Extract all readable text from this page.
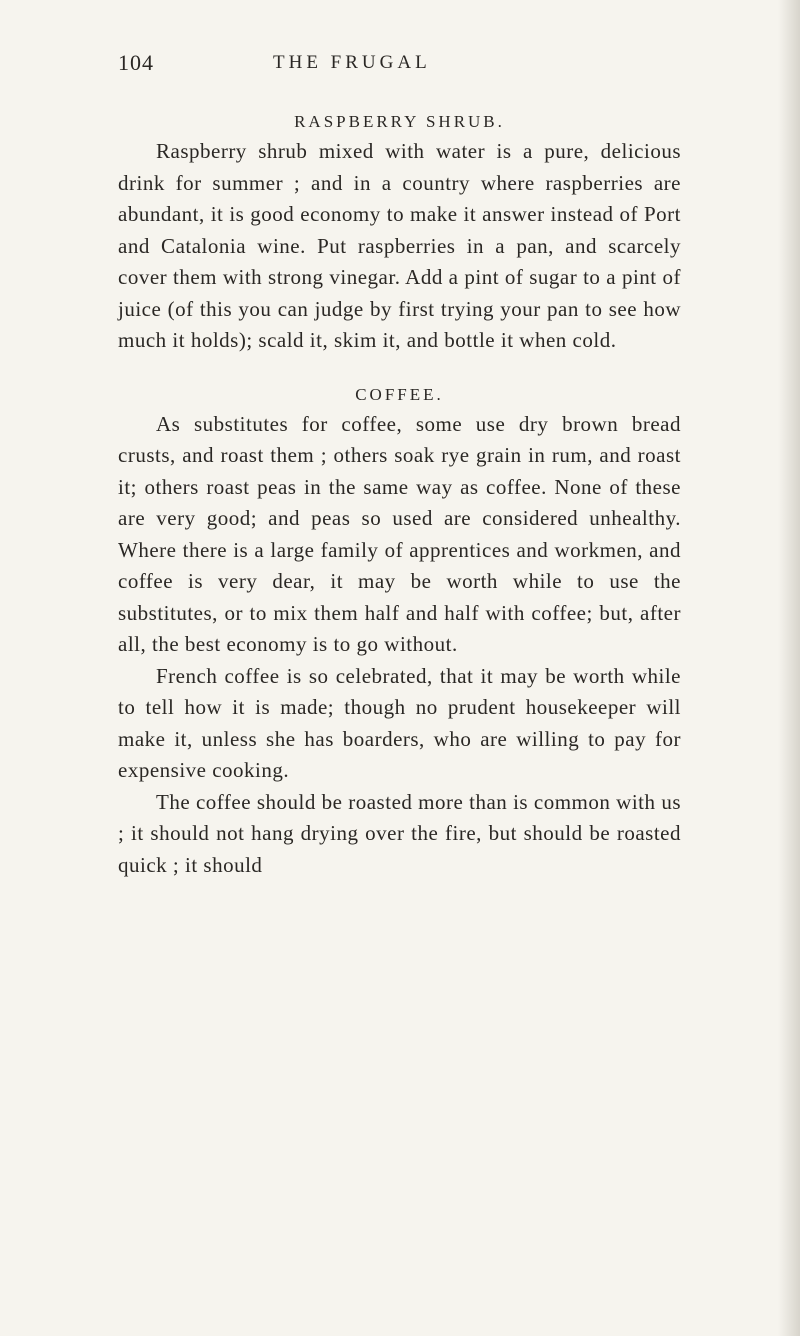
104	THE FRUGAL
RASPBERRY SHRUB.

Raspberry shrub mixed with water is a pure, delicious drink for summer ; and in a country where raspberries are abundant, it is good economy to make it answer instead of Port and Catalonia wine. Put raspberries in a pan, and scarcely cover them with strong vinegar. Add a pint of sugar to a pint of juice (of this you can judge by first trying your pan to see how much it holds); scald it, skim it, and bottle it when cold.

COFFEE.

As substitutes for coffee, some use dry brown bread crusts, and roast them ; others soak rye grain in rum, and roast it; others roast peas in the same way as coffee. None of these are very good; and peas so used are considered unhealthy. Where there is a large family of apprentices and workmen, and coffee is very dear, it may be worth while to use the substitutes, or to mix them half and half with coffee; but, after all, the best economy is to go without.

French coffee is so celebrated, that it may be worth while to tell how it is made; though no prudent housekeeper will make it, unless she has boarders, who are willing to pay for expensive cooking.

The coffee should be roasted more than is common with us ; it should not hang drying over the fire, but should be roasted quick ; it should
